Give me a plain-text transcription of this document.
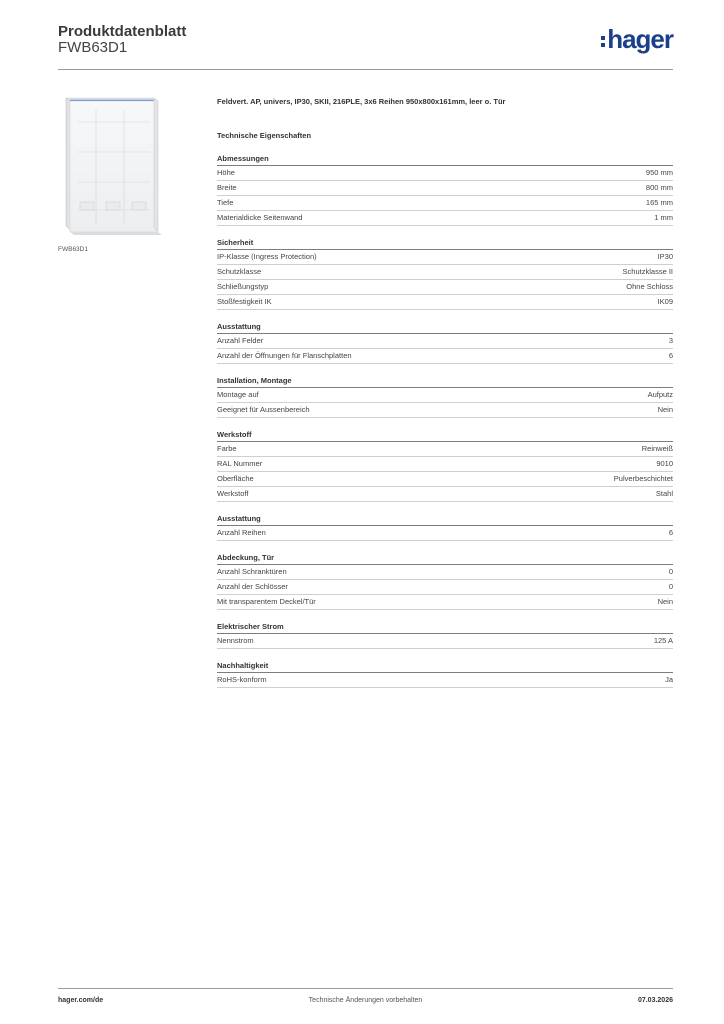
Produktdatenblatt
FWB63D1	hager
FWB63D1
Feldvert. AP, univers, IP30, SKII, 216PLE, 3x6 Reihen 950x800x161mm, leer o. Tür
Technische Eigenschaften
Abmessungen
Höhe	950 mm
Breite	800 mm
Tiefe	165 mm
Materialdicke Seitenwand	1 mm
Sicherheit
IP-Klasse (Ingress Protection)	IP30
Schutzklasse	Schutzklasse II
Schließungstyp	Ohne Schloss
Stoßfestigkeit IK	IK09
Ausstattung
Anzahl Felder	3
Anzahl der Öffnungen für Flanschplatten	6
Installation, Montage
Montage auf	Aufputz
Geeignet für Aussenbereich	Nein
Werkstoff
Farbe	Reinweiß
RAL Nummer	9010
Oberfläche	Pulverbeschichtet
Werkstoff	Stahl
Ausstattung
Anzahl Reihen	6
Abdeckung, Tür
Anzahl Schranktüren	0
Anzahl der Schlösser	0
Mit transparentem Deckel/Tür	Nein
Elektrischer Strom
Nennstrom	125 A
Nachhaltigkeit
RoHS-konform	Ja
hager.com/de	Technische Änderungen vorbehalten	07.03.2026
